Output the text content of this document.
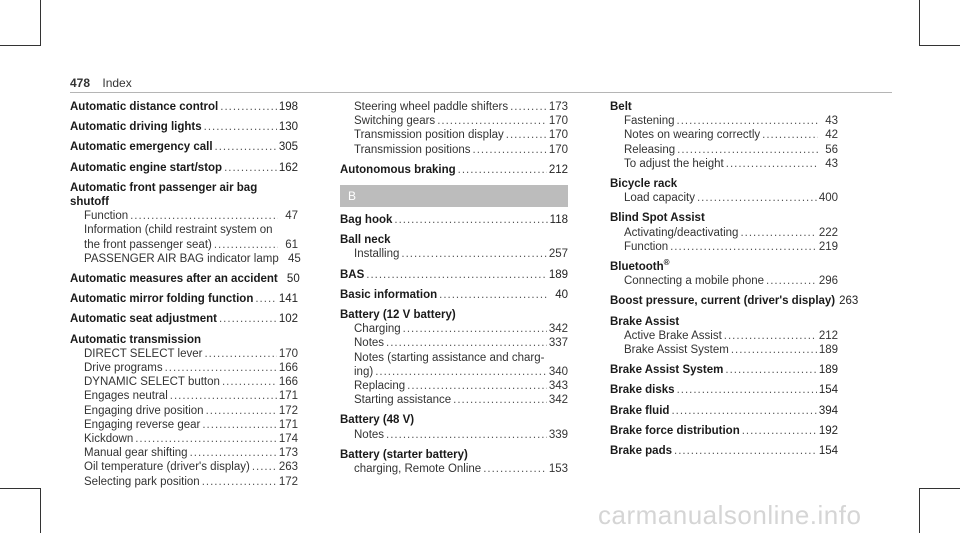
478 Index
Automatic distance control .....	198
Automatic driving lights .....	130
Automatic emergency call .....	305
Automatic engine start/stop .....	162
Automatic front passenger air bag shutoff
Function .....	47
Information (child restraint system on
the front passenger seat) .....	61
PASSENGER AIR BAG indicator lamp 45
Automatic measures after an accident 50
Automatic mirror folding function ..... 141
Automatic seat adjustment .....	102
Automatic transmission
DIRECT SELECT lever .....	170
Drive programs .....	166
DYNAMIC SELECT button .....	166
Engages neutral .....	171
Engaging drive position .....	172
Engaging reverse gear .....	171
Kickdown .....	174
Manual gear shifting .....	173
Oil temperature (driver's display) .....	263
Selecting park position .....	172
Steering wheel paddle shifters .....	173
Switching gears .....	170
Transmission position display .....	170
Transmission positions .....	170
Autonomous braking .....	212
B
Bag hook .....	118
Ball neck
Installing .....	257
BAS .....	189
Basic information .....	40
Battery (12 V battery)
Charging .....	342
Notes .....	337
Notes (starting assistance and charg-
ing) .....	340
Replacing .....	343
Starting assistance .....	342
Battery (48 V)
Notes .....	339
Battery (starter battery)
charging, Remote Online .....	153
Belt
Fastening .....	43
Notes on wearing correctly .....	42
Releasing .....	56
To adjust the height .....	43
Bicycle rack
Load capacity .....	400
Blind Spot Assist
Activating/deactivating .....	222
Function .....	219
Bluetooth®
Connecting a mobile phone .....	296
Boost pressure, current (driver's display) 263
Brake Assist
Active Brake Assist .....	212
Brake Assist System .....	189
Brake Assist System .....	189
Brake disks .....	154
Brake fluid .....	394
Brake force distribution .....	192
Brake pads .....	154
carmanualsonline.info
